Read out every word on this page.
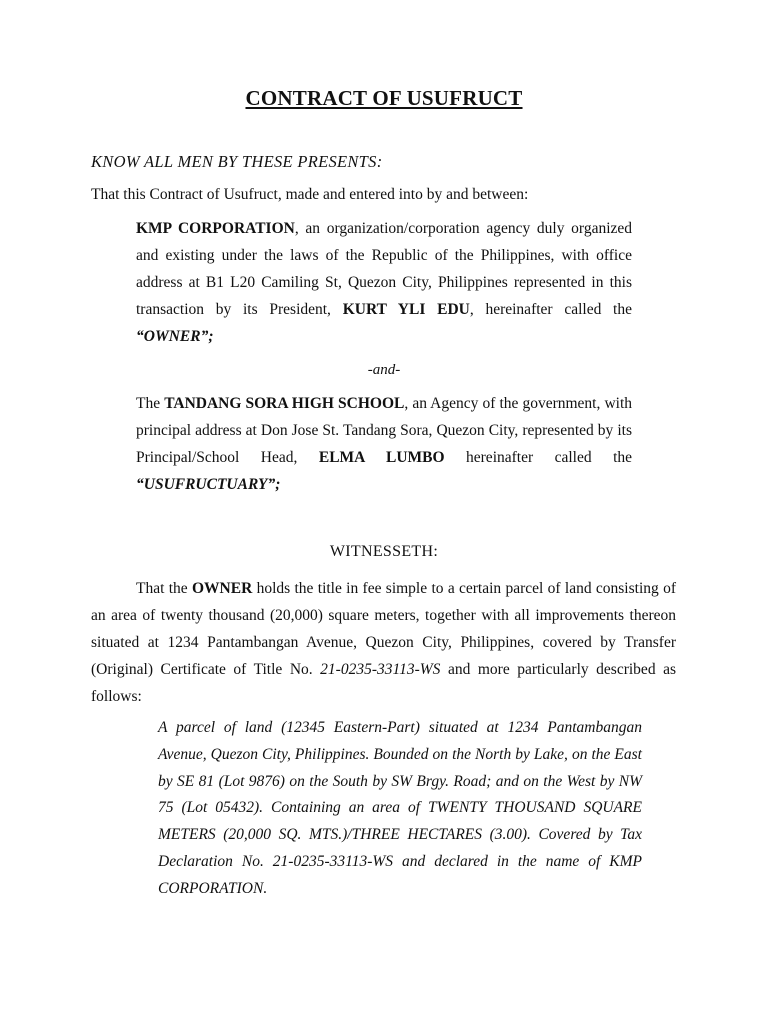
CONTRACT OF USUFRUCT
KNOW ALL MEN BY THESE PRESENTS:
That this Contract of Usufruct, made and entered into by and between:
KMP CORPORATION, an organization/corporation agency duly organized and existing under the laws of the Republic of the Philippines, with office address at B1 L20 Camiling St, Quezon City, Philippines represented in this transaction by its President, KURT YLI EDU, hereinafter called the “OWNER”;
-and-
The TANDANG SORA HIGH SCHOOL, an Agency of the government, with principal address at Don Jose St. Tandang Sora, Quezon City, represented by its Principal/School Head, ELMA LUMBO hereinafter called the “USUFRUCTUARY”;
WITNESSETH:
That the OWNER holds the title in fee simple to a certain parcel of land consisting of an area of twenty thousand (20,000) square meters, together with all improvements thereon situated at 1234 Pantambangan Avenue, Quezon City, Philippines, covered by Transfer (Original) Certificate of Title No. 21-0235-33113-WS and more particularly described as follows:
A parcel of land (12345 Eastern-Part) situated at 1234 Pantambangan Avenue, Quezon City, Philippines. Bounded on the North by Lake, on the East by SE 81 (Lot 9876) on the South by SW Brgy. Road; and on the West by NW 75 (Lot 05432). Containing an area of TWENTY THOUSAND SQUARE METERS (20,000 SQ. MTS.)/THREE HECTARES (3.00). Covered by Tax Declaration No. 21-0235-33113-WS and declared in the name of KMP CORPORATION.
